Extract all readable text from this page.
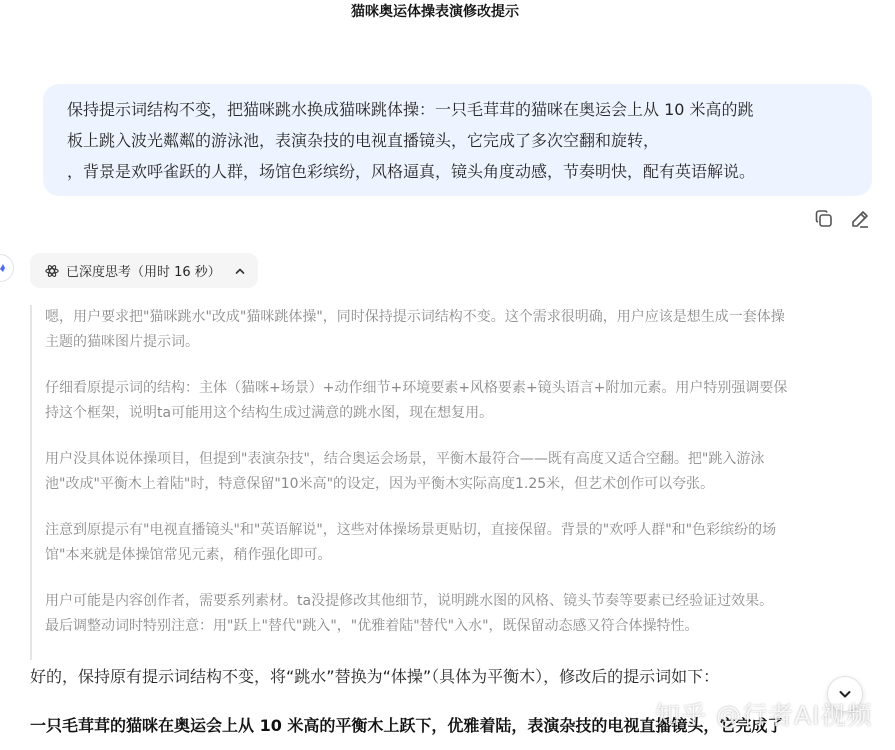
猫咪奥运体操表演修改提示

保持提示词结构不变，把猫咪跳水换成猫咪跳体操：一只毛茸茸的猫咪在奥运会上从 10 米高的跳

板上跳入波光粼粼的游泳池，表演杂技的电视直播镜头，它完成了多次空翻和旋转，

，背景是欢呼雀跃的人群，场馆色彩缤纷，风格逼真，镜头角度动感，节奏明快，配有英语解说。

已深度思考（用时 16 秒）

嗯，用户要求把"猫咪跳水"改成"猫咪跳体操"，同时保持提示词结构不变。这个需求很明确，用户应该是想生成一套体操
主题的猫咪图片提示词。

仔细看原提示词的结构：主体（猫咪+场景）+动作细节+环境要素+风格要素+镜头语言+附加元素。用户特别强调要保
持这个框架，说明ta可能用这个结构生成过满意的跳水图，现在想复用。

用户没具体说体操项目，但提到"表演杂技"，结合奥运会场景，平衡木最符合——既有高度又适合空翻。把"跳入游泳
池"改成"平衡木上着陆"时，特意保留"10米高"的设定，因为平衡木实际高度1.25米，但艺术创作可以夸张。

注意到原提示有"电视直播镜头"和"英语解说"，这些对体操场景更贴切，直接保留。背景的"欢呼人群"和"色彩缤纷的场
馆"本来就是体操馆常见元素，稍作强化即可。

用户可能是内容创作者，需要系列素材。ta没提修改其他细节，说明跳水图的风格、镜头节奏等要素已经验证过效果。
最后调整动词时特别注意：用"跃上"替代"跳入"，"优雅着陆"替代"入水"，既保留动态感又符合体操特性。

好的，保持原有提示词结构不变，将“跳水”替换为“体操”（具体为平衡木），修改后的提示词如下：

一只毛茸茸的猫咪在奥运会上从 10 米高的平衡木上跃下，优雅着陆，表演杂技的电视直播镜头，它完成了

知乎 @行者AI视频
